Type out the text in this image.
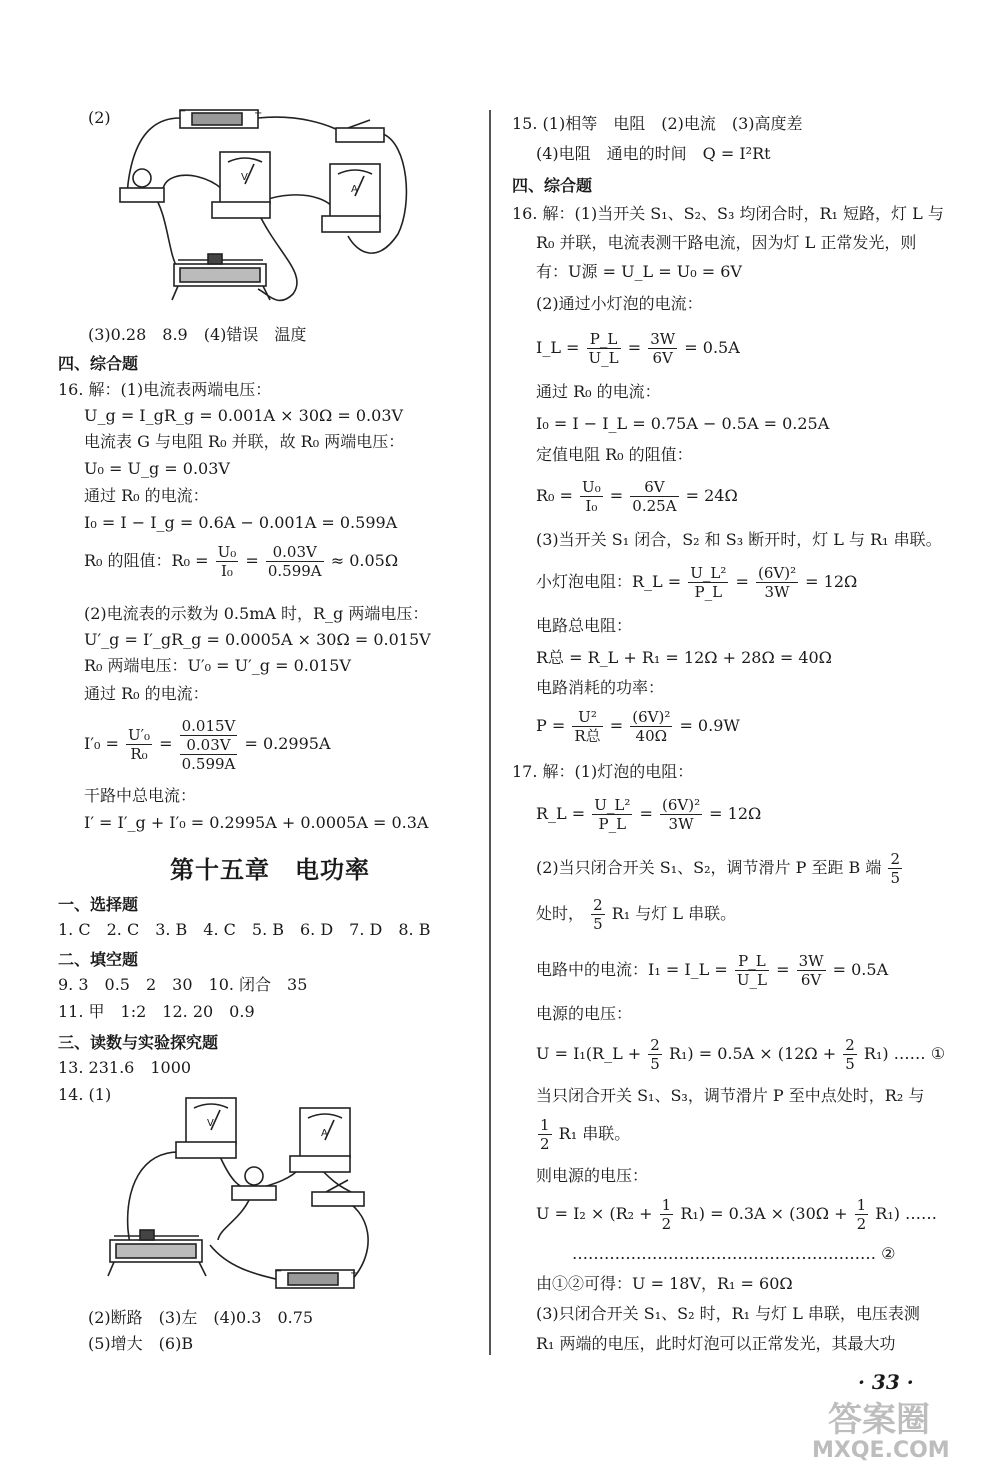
(2)
V
A
−	+
(3)0.28　8.9　(4)错误　温度
四、综合题
16. 解：(1)电流表两端电压：
U_g = I_gR_g = 0.001A × 30Ω = 0.03V
电流表 G 与电阻 R₀ 并联，故 R₀ 两端电压：
U₀ = U_g = 0.03V
通过 R₀ 的电流：
I₀ = I − I_g = 0.6A − 0.001A = 0.599A
R₀ 的阻值：$R_0 = \frac{\text{U₀}}{\text{I₀}} = \frac{0.03V}{0.599A} \approx 0.05\Omega$
(2)电流表的示数为 0.5mA 时，R_g 两端电压：
U′_g = I′_gR_g = 0.0005A × 30Ω = 0.015V
R₀ 两端电压：U′₀ = U′_g = 0.015V
通过 R₀ 的电流：
$I'_0 = \frac{\text{U′₀}}{\text{R₀}}$ =
0.015V
0.03V
0.599A
= 0.2995A
干路中总电流：
I′ = I′_g + I′₀ = 0.2995A + 0.0005A = 0.3A
第十五章　电功率
一、选择题
1. C　2. C　3. B　4. C　5. B　6. D　7. D　8. B
二、填空题
9. 3　0.5　2　30　10. 闭合　35
11. 甲　1:2　12. 20　0.9
三、读数与实验探究题
13. 231.6　1000
14. (1)
V
A
−	+
(2)断路　(3)左　(4)0.3　0.75
(5)增大　(6)B
15. (1)相等　电阻　(2)电流　(3)高度差
(4)电阻　通电的时间　Q = I²Rt
四、综合题
16. 解：(1)当开关 S₁、S₂、S₃ 均闭合时，R₁ 短路，灯 L 与
R₀ 并联，电流表测干路电流，因为灯 L 正常发光，则
有：U源 = U_L = U₀ = 6V
(2)通过小灯泡的电流：
I_L = $\frac{P\_L}{U\_L} = \frac{3W}{6V} = 0.5A$
通过 R₀ 的电流：
I₀ = I − I_L = 0.75A − 0.5A = 0.25A
定值电阻 R₀ 的阻值：
$R_0 = \frac{\text{U₀}}{\text{I₀}} = \frac{6V}{0.25A} = 24\Omega$
(3)当开关 S₁ 闭合，S₂ 和 S₃ 断开时，灯 L 与 R₁ 串联。
小灯泡电阻：R_L = $\frac{\text{U\_L²}}{P\_L} = \frac{\text{(6V)²}}{3W} = 12\Omega$
电路总电阻：
R总 = R_L + R₁ = 12Ω + 28Ω = 40Ω
电路消耗的功率：
$P = \frac{\text{U²}}{\text{R总}} = \frac{\text{(6V)²}}{40\Omega} = 0.9W$
17. 解：(1)灯泡的电阻：
R_L = $\frac{\text{U\_L²}}{P\_L} = \frac{\text{(6V)²}}{3W} = 12\Omega$
(2)当只闭合开关 S₁、S₂，调节滑片 P 至距 B 端 $\frac{2}{5}$
处时， $\frac{2}{5} R_1$ 与灯 L 串联。
电路中的电流：I₁ = I_L = $\frac{P\_L}{U\_L} = \frac{3W}{6V} = 0.5A$
电源的电压：
U = I₁(R_L + $\frac{2}{5} R_1) = 0.5A \times (12\Omega + \frac{2}{5} R_1)$ …… ①
当只闭合开关 S₁、S₃，调节滑片 P 至中点处时，R₂ 与
$\frac{1}{2} R_1$ 串联。
则电源的电压：
$U = I_2 \times (R_2 + \frac{1}{2} R_1) = 0.3A \times (30\Omega + \frac{1}{2} R_1)$ ……
………………………………………………… ②
由①②可得：U = 18V，R₁ = 60Ω
(3)只闭合开关 S₁、S₂ 时，R₁ 与灯 L 串联，电压表测
R₁ 两端的电压，此时灯泡可以正常发光，其最大功
· 33 ·
答案圈
MXQE.COM
